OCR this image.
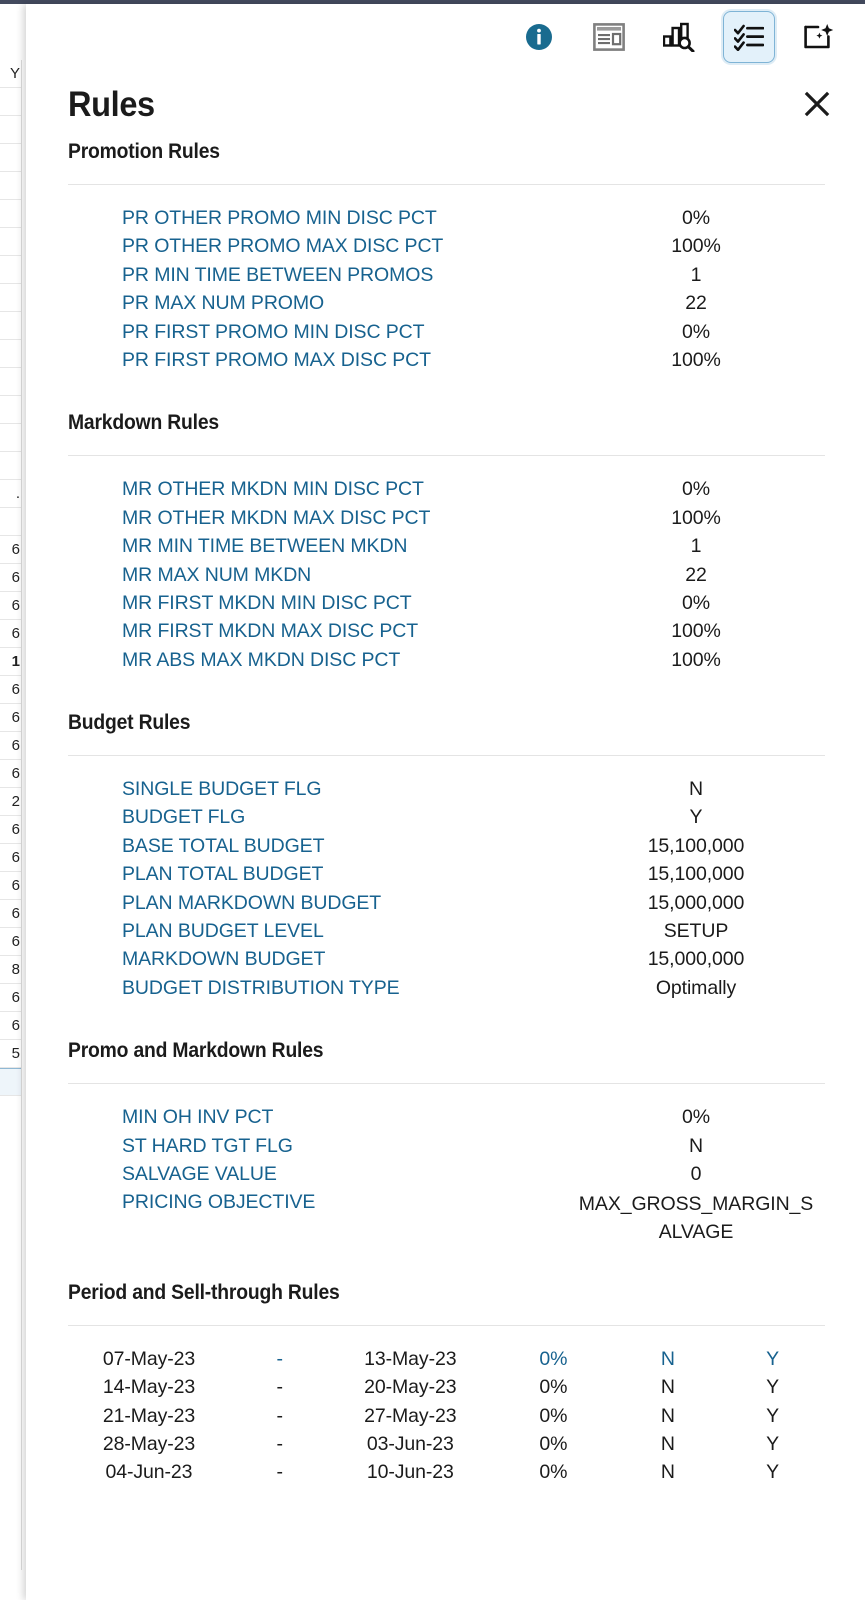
Y
.
6
6
6
6
1
6
6
6
6
2
6
6
6
6
6
8
6
6
5
Rules
Promotion Rules
PR OTHER PROMO MIN DISC PCT	0%
PR OTHER PROMO MAX DISC PCT	100%
PR MIN TIME BETWEEN PROMOS	1
PR MAX NUM PROMO	22
PR FIRST PROMO MIN DISC PCT	0%
PR FIRST PROMO MAX DISC PCT	100%
Markdown Rules
MR OTHER MKDN MIN DISC PCT	0%
MR OTHER MKDN MAX DISC PCT	100%
MR MIN TIME BETWEEN MKDN	1
MR MAX NUM MKDN	22
MR FIRST MKDN MIN DISC PCT	0%
MR FIRST MKDN MAX DISC PCT	100%
MR ABS MAX MKDN DISC PCT	100%
Budget Rules
SINGLE BUDGET FLG	N
BUDGET FLG	Y
BASE TOTAL BUDGET	15,100,000
PLAN TOTAL BUDGET	15,100,000
PLAN MARKDOWN BUDGET	15,000,000
PLAN BUDGET LEVEL	SETUP
MARKDOWN BUDGET	15,000,000
BUDGET DISTRIBUTION TYPE	Optimally
Promo and Markdown Rules
MIN OH INV PCT	0%
ST HARD TGT FLG	N
SALVAGE VALUE	0
PRICING OBJECTIVE	MAX_GROSS_MARGIN_SALVAGE
Period and Sell-through Rules
07-May-23	-	13-May-23	0%	N	Y
14-May-23	-	20-May-23	0%	N	Y
21-May-23	-	27-May-23	0%	N	Y
28-May-23	-	03-Jun-23	0%	N	Y
04-Jun-23	-	10-Jun-23	0%	N	Y
